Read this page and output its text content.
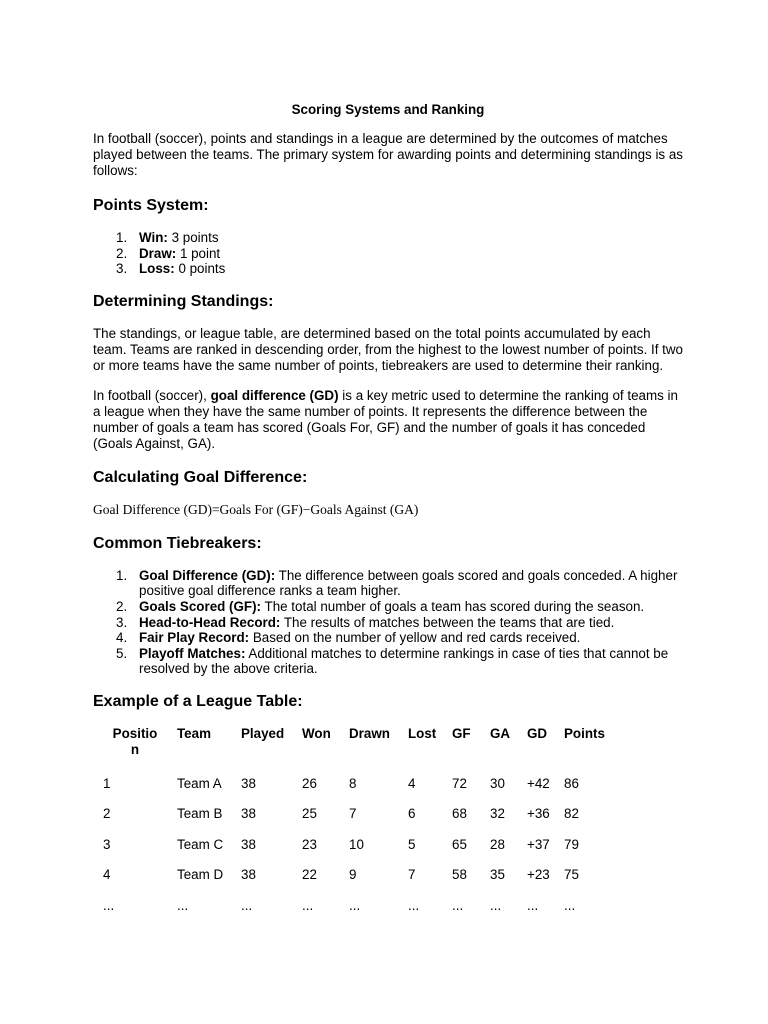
Scoring Systems and Ranking

In football (soccer), points and standings in a league are determined by the outcomes of matches played between the teams. The primary system for awarding points and determining standings is as follows:

Points System:
1. Win: 3 points
2. Draw: 1 point
3. Loss: 0 points
Determining Standings:

The standings, or league table, are determined based on the total points accumulated by each team. Teams are ranked in descending order, from the highest to the lowest number of points. If two or more teams have the same number of points, tiebreakers are used to determine their ranking.

In football (soccer), goal difference (GD) is a key metric used to determine the ranking of teams in a league when they have the same number of points. It represents the difference between the number of goals a team has scored (Goals For, GF) and the number of goals it has conceded (Goals Against, GA).

Calculating Goal Difference:
Goal Difference (GD)=Goals For (GF)−Goals Against (GA)
Common Tiebreakers:
1. Goal Difference (GD): The difference between goals scored and goals conceded. A higher positive goal difference ranks a team higher.
2. Goals Scored (GF): The total number of goals a team has scored during the season.
3. Head-to-Head Record: The results of matches between the teams that are tied.
4. Fair Play Record: Based on the number of yellow and red cards received.
5. Playoff Matches: Additional matches to determine rankings in case of ties that cannot be resolved by the above criteria.
Example of a League Table:
Positio
n	Team	Played	Won	Drawn	Lost	GF	GA	GD	Points
1	Team A	38	26	8	4	72	30	+42	86
2	Team B	38	25	7	6	68	32	+36	82
3	Team C	38	23	10	5	65	28	+37	79
4	Team D	38	22	9	7	58	35	+23	75
...	...	...	...	...	...	...	...	...	...
